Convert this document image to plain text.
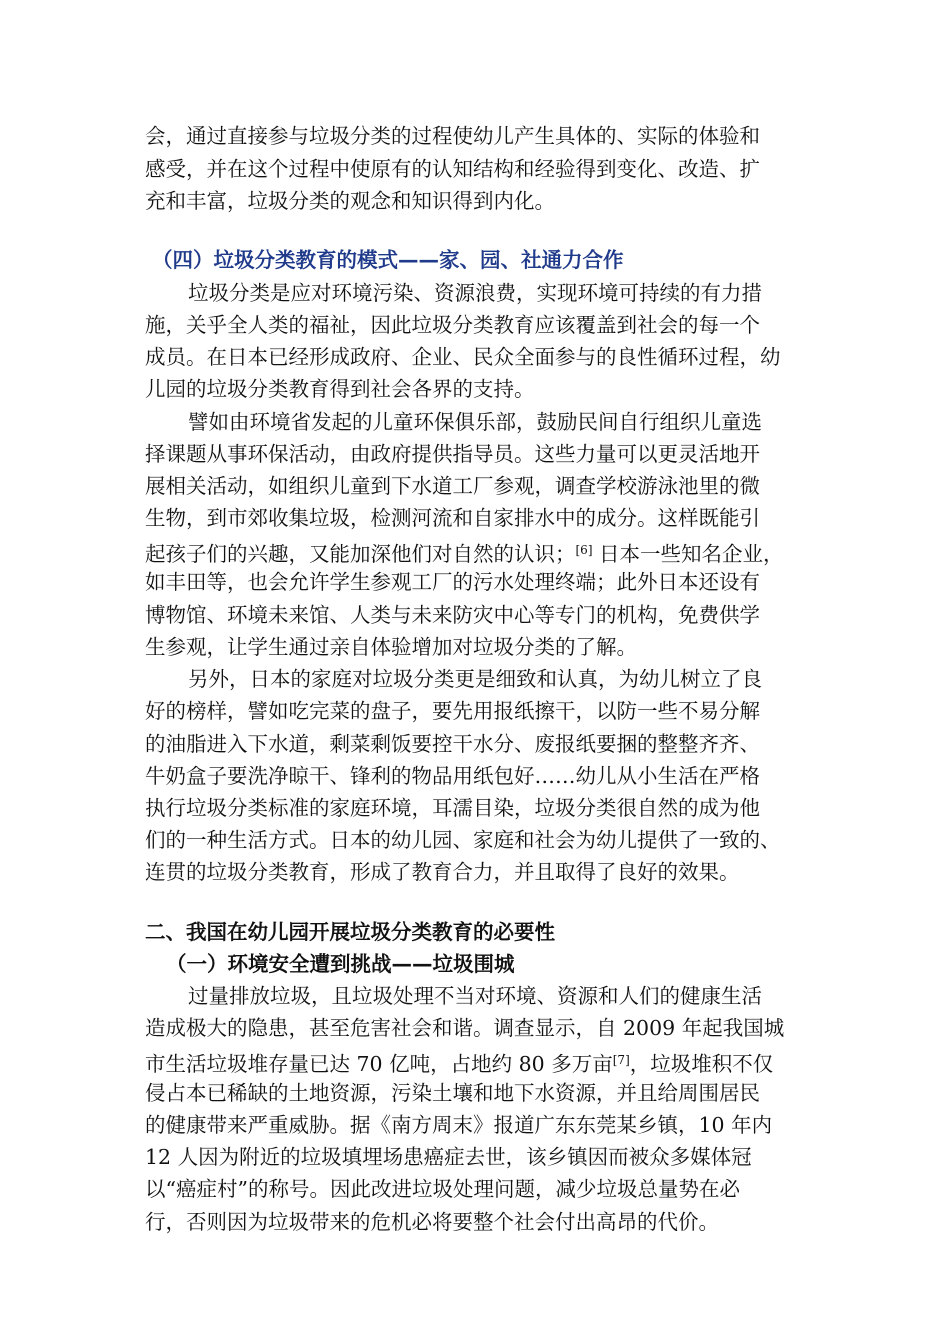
会，通过直接参与垃圾分类的过程使幼儿产生具体的、实际的体验和
感受，并在这个过程中使原有的认知结构和经验得到变化、改造、扩
充和丰富，垃圾分类的观念和知识得到内化。
（四）垃圾分类教育的模式——家、园、社通力合作
垃圾分类是应对环境污染、资源浪费，实现环境可持续的有力措
施，关乎全人类的福祉，因此垃圾分类教育应该覆盖到社会的每一个
成员。在日本已经形成政府、企业、民众全面参与的良性循环过程，幼
儿园的垃圾分类教育得到社会各界的支持。
譬如由环境省发起的儿童环保俱乐部，鼓励民间自行组织儿童选
择课题从事环保活动，由政府提供指导员。这些力量可以更灵活地开
展相关活动，如组织儿童到下水道工厂参观，调查学校游泳池里的微
生物，到市郊收集垃圾，检测河流和自家排水中的成分。这样既能引
起孩子们的兴趣，又能加深他们对自然的认识；[6] 日本一些知名企业，
如丰田等，也会允许学生参观工厂的污水处理终端；此外日本还设有
博物馆、环境未来馆、人类与未来防灾中心等专门的机构，免费供学
生参观，让学生通过亲自体验增加对垃圾分类的了解。
另外，日本的家庭对垃圾分类更是细致和认真，为幼儿树立了良
好的榜样，譬如吃完菜的盘子，要先用报纸擦干，以防一些不易分解
的油脂进入下水道，剩菜剩饭要控干水分、废报纸要捆的整整齐齐、
牛奶盒子要洗净晾干、锋利的物品用纸包好……幼儿从小生活在严格
执行垃圾分类标准的家庭环境，耳濡目染，垃圾分类很自然的成为他
们的一种生活方式。日本的幼儿园、家庭和社会为幼儿提供了一致的、
连贯的垃圾分类教育，形成了教育合力，并且取得了良好的效果。
二、我国在幼儿园开展垃圾分类教育的必要性
（一）环境安全遭到挑战——垃圾围城
过量排放垃圾，且垃圾处理不当对环境、资源和人们的健康生活
造成极大的隐患，甚至危害社会和谐。调查显示，自 2009 年起我国城
市生活垃圾堆存量已达 70 亿吨，占地约 80 多万亩[7]，垃圾堆积不仅
侵占本已稀缺的土地资源，污染土壤和地下水资源，并且给周围居民
的健康带来严重威胁。据《南方周末》报道广东东莞某乡镇，10 年内
12 人因为附近的垃圾填埋场患癌症去世，该乡镇因而被众多媒体冠
以“癌症村”的称号。因此改进垃圾处理问题，减少垃圾总量势在必
行，否则因为垃圾带来的危机必将要整个社会付出高昂的代价。
